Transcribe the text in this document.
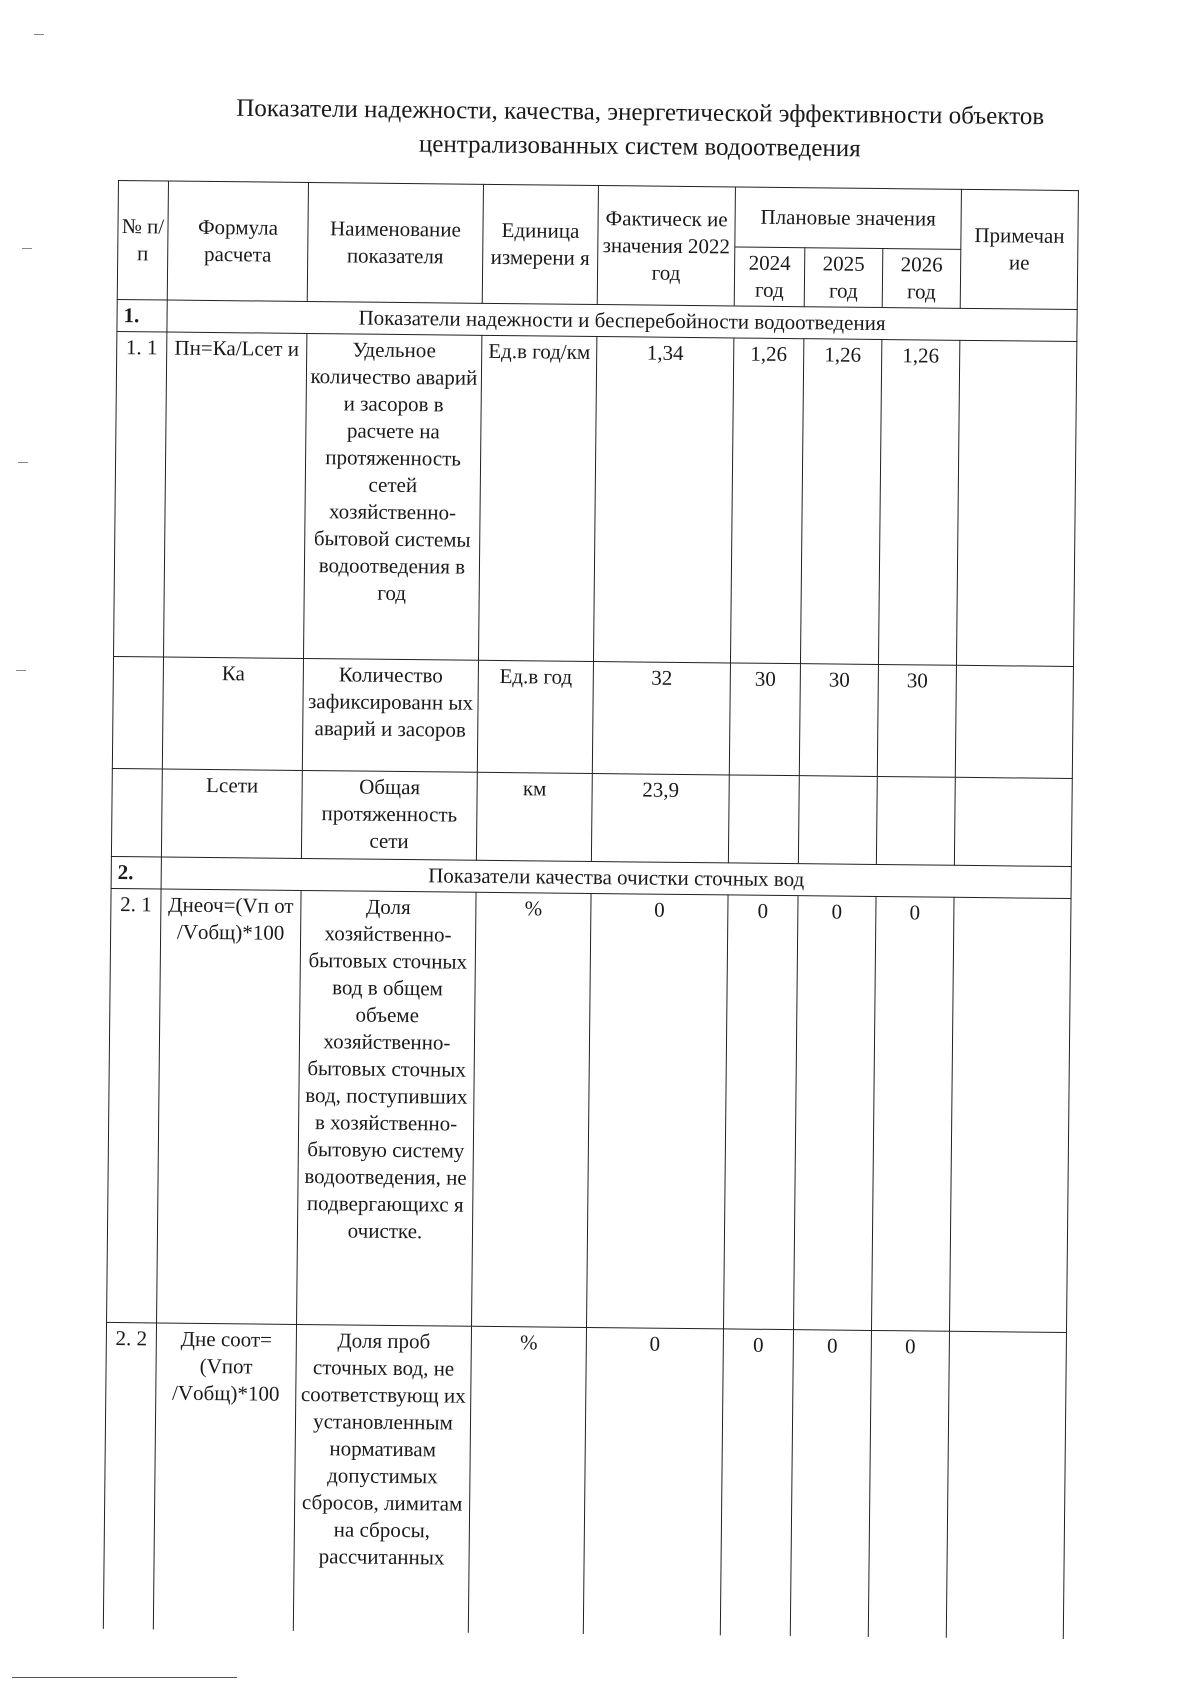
Показатели надежности, качества, энергетической эффективности объектов
централизованных систем водоотведения
№ п/ п	Формула расчета	Наименование показателя	Единица измерени я	Фактическ ие значения 2022 год	Плановые значения			Примечан ие
					2024 год	2025 год	2026 год	
1.	Показатели надежности и бесперебойности водоотведения							
1. 1	Пн=Ка/Lсет и	Удельное количество аварий и засоров в расчете на протяженность сетей хозяйственно-бытовой системы водоотведения в год	Ед.в год/км	1,34	1,26	1,26	1,26	
	Ка	Количество зафиксированн ых аварий и засоров	Ед.в год	32	30	30	30	
	Lсети	Общая протяженность сети	км	23,9				
2.	Показатели качества очистки сточных вод							
2. 1	Днеоч=(Vп от /Vобщ)*100	Доля хозяйственно-бытовых сточных вод в общем объеме хозяйственно-бытовых сточных вод, поступивших в хозяйственно-бытовую систему водоотведения, не подвергающихс я очистке.	%	0	0	0	0	
2. 2	Дне соот=(Vпот /Vобщ)*100	Доля проб сточных вод, не соответствующ их установленным нормативам допустимых сбросов, лимитам на сбросы, рассчитанных	%	0	0	0	0	
